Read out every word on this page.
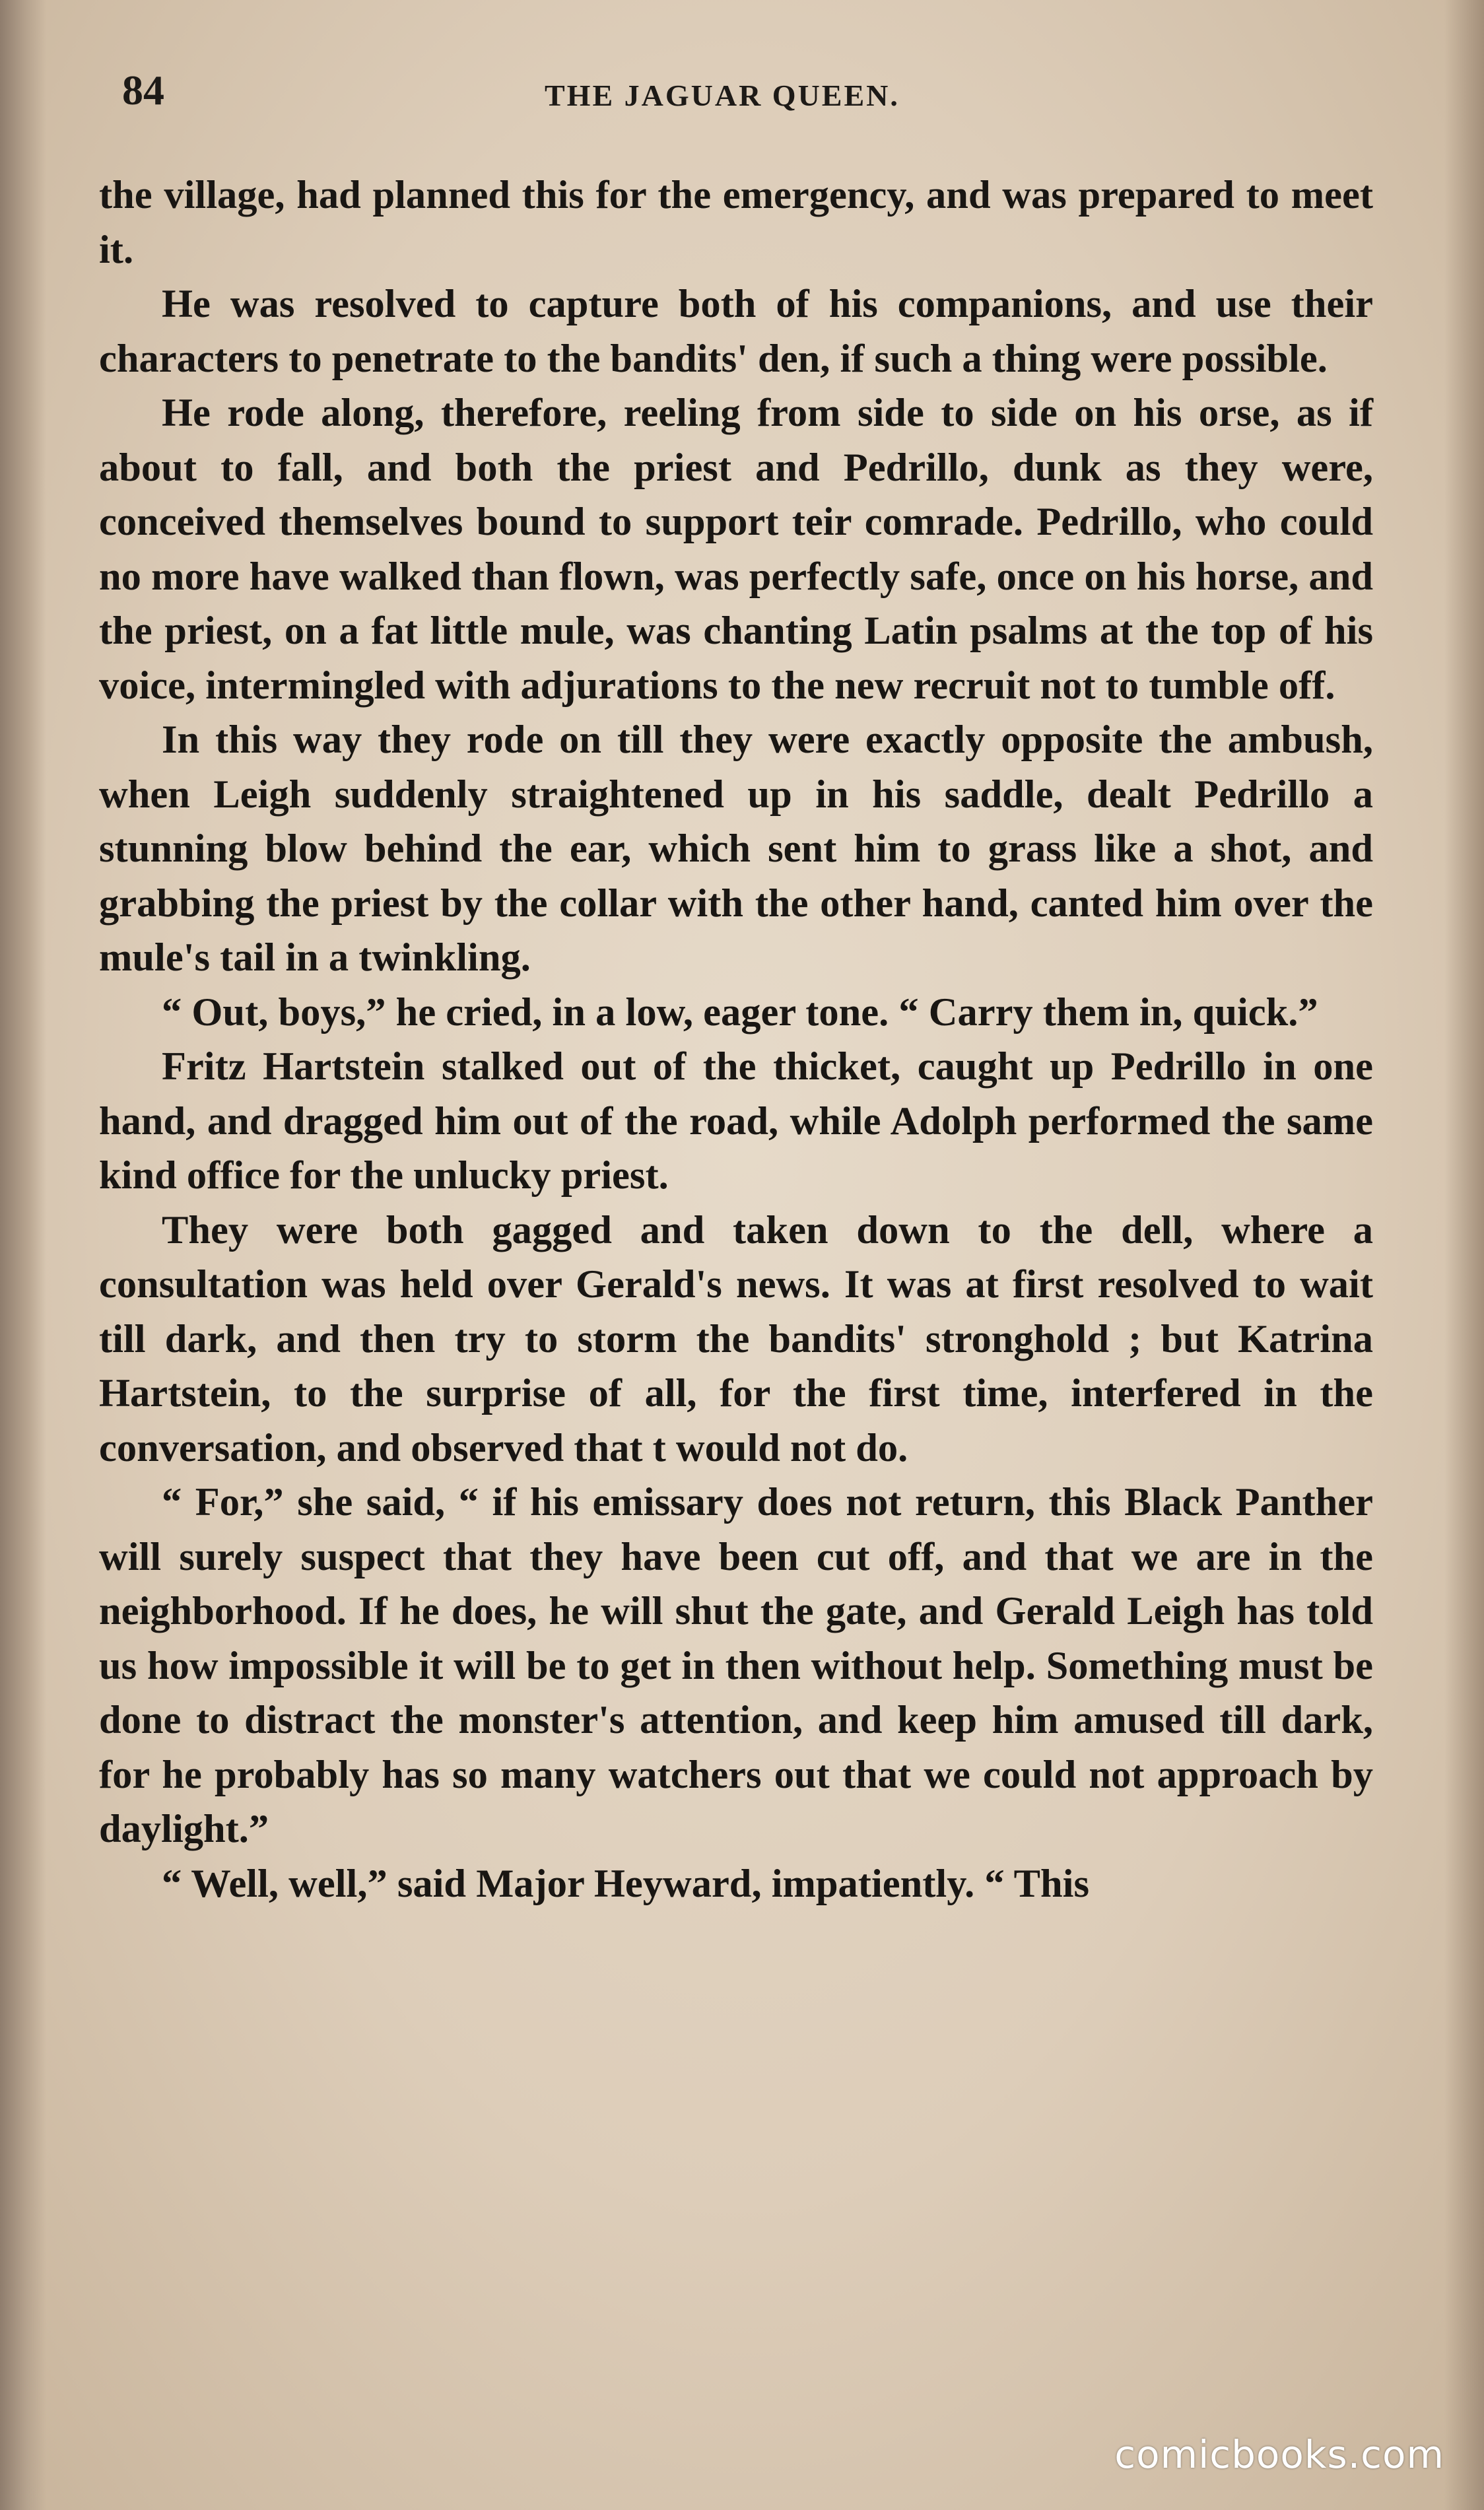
84	THE JAGUAR QUEEN.

the village, had planned this for the emergency, and was prepared to meet it.

He was resolved to capture both of his companions, and use their characters to penetrate to the bandits' den, if such a thing were possible.

He rode along, therefore, reeling from side to side on his orse, as if about to fall, and both the priest and Pedrillo, dunk as they were, conceived themselves bound to support teir comrade. Pedrillo, who could no more have walked than flown, was perfectly safe, once on his horse, and the priest, on a fat little mule, was chanting Latin psalms at the top of his voice, intermingled with adjurations to the new recruit not to tumble off.

In this way they rode on till they were exactly opposite the ambush, when Leigh suddenly straightened up in his saddle, dealt Pedrillo a stunning blow behind the ear, which sent him to grass like a shot, and grabbing the priest by the collar with the other hand, canted him over the mule's tail in a twinkling.

“ Out, boys,” he cried, in a low, eager tone. “ Carry them in, quick.”

Fritz Hartstein stalked out of the thicket, caught up Pedrillo in one hand, and dragged him out of the road, while Adolph performed the same kind office for the unlucky priest.

They were both gagged and taken down to the dell, where a consultation was held over Gerald's news. It was at first resolved to wait till dark, and then try to storm the bandits' stronghold ; but Katrina Hartstein, to the surprise of all, for the first time, interfered in the conversation, and observed that t would not do.

“ For,” she said, “ if his emissary does not return, this Black Panther will surely suspect that they have been cut off, and that we are in the neighborhood. If he does, he will shut the gate, and Gerald Leigh has told us how impossible it will be to get in then without help. Something must be done to distract the monster's attention, and keep him amused till dark, for he probably has so many watchers out that we could not approach by daylight.”

“ Well, well,” said Major Heyward, impatiently. “ This

comicbooks.com
